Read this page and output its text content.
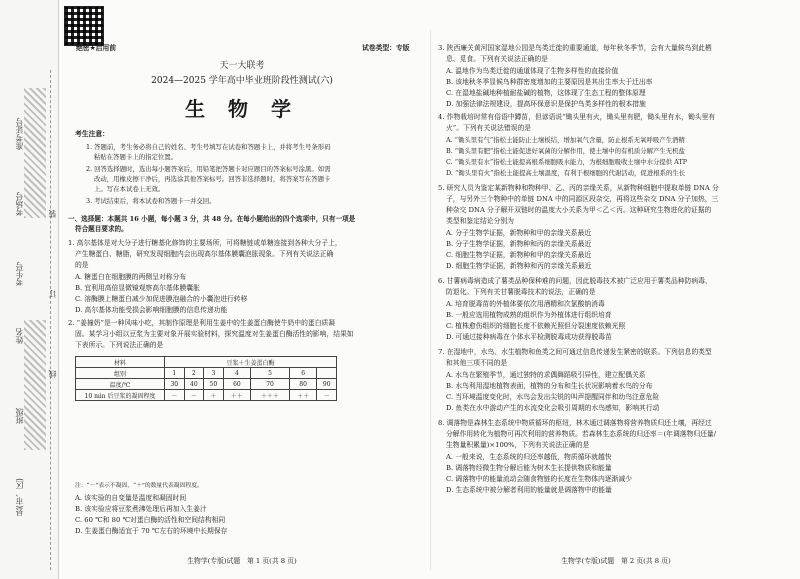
准考证号
考场号
考生号
姓名
班级
县(市、区)
装
订
线
绝密★启用前	试卷类型：专版
天一大联考
2024—2025 学年高中毕业班阶段性测试(六)
生 物 学
考生注意：
1. 答题前，考生务必将自己的姓名、考生号填写在试卷和答题卡上，并将考生号条形码
粘贴在答题卡上的指定位置。
2. 回答选择题时，选出每小题答案后，用铅笔把答题卡对应题目的答案标号涂黑。如需
改动，用橡皮擦干净后，再选涂其他答案标号。回答非选择题时，将答案写在答题卡
上。写在本试卷上无效。
3. 考试结束后，将本试卷和答题卡一并交回。
一、选择题：本题共 16 小题，每小题 3 分，共 48 分。在每小题给出的四个选项中，只有一项是
符合题目要求的。
1. 高尔基体是对大分子进行糖基化修饰的主要场所，可将糖链或单糖连接到各种大分子上，
产生糖蛋白、糖脂，研究发现细胞内会出现高尔基体膜囊泡胀现象。下列有关说法正确
的是
A. 糖蛋白在细胞膜的两侧呈对称分布
B. 宜利用高倍显微镜观察高尔基体膜囊胀
C. 溶酶膜上糖蛋白减少加促进膜泡融合的小囊泡进行转移
D. 高尔基体功能受损会影响细胞膜的信息传递功能
2. “姜撞奶”是一种风味小吃，其制作原理是利用生姜中的生姜蛋白酶使牛奶中的蛋白质凝
固。某学习小组以豆浆为主要对象开展实验材料，探究温度对生姜蛋白酶活性的影响，结果如
下表所示。下列说法正确的是
注：“－”表示不凝固，“＋”的数量代表凝固程度。
A. 该实验的自变量是温度和凝固时间
B. 该实验应将豆浆煮沸处理后再加入生姜汁
C. 60 ℃和 80 ℃对蛋白酶的活性和空间结构相同
D. 生姜蛋白酶适宜于 70 ℃左右的环境中长期保存
生物学(专版)试题　第 1 页(共 8 页)
材料	豆浆＋生姜蛋白酶						
组别	1	2	3	4	5	6	
温度/℃	30	40	50	60	70	80	90
10 min 后豆浆的凝固程度	－	－	＋	＋＋	＋＋＋	＋＋	－
3. 陕西廉关黄河国家湿地公园是鸟类迁徙的重要通道，每年秋冬季节，会有大量候鸟到此栖
息、觅食。下列有关说法正确的是
A. 温地作为鸟类迁徙的通道体现了生物多样性的直接价值
B. 该地秋冬季显候鸟种群密度增加的主要原因是其出生率大于迁出率
C. 在湿地盐碱地种植耐盐碱的植物，这体现了生态工程的整体原理
D. 加强法律法规建设，提高环保意识是保护鸟类多样性的根本措施
4. 作物栽培时常有俗语中蹲苗，但谚语说“锄头里有火，锄头里有肥，锄头里有水，锄头里有
火”。下列有关说法错误的是
A. “锄头里有气”指松土能防止土壤板结，增加氧气含量，防止根系无氧呼吸产生酒精
B. “锄头里有肥”指松土能促进好氧菌的分解作用，使土壤中的有机质分解产生无机盐
C. “锄头里有水”指松土能提高根系细胞吸水能力，为根细胞吸收土壤中水分提供 ATP
D. “锄头里有火”指松土能提高土壤温度，有利于根细胞的代谢活动，促进根系的生长
5. 研究人员为鉴定某新物种和物种甲、乙、丙的亲缘关系，从新物种细胞中提取单链 DNA 分
子，与另外三个物种中的单链 DNA 中的同源区段杂交，再将这些杂交 DNA 分子加热，三
种杂交 DNA 分子解开双链时的温度大小关系为甲＜乙＜丙。这种研究生物进化的证据的
类型和鉴定结论分别为
A. 分子生物学证据，新物种和甲的亲缘关系最近
B. 分子生物学证据，新物种和丙的亲缘关系最近
C. 细胞生物学证据，新物种和甲的亲缘关系最近
D. 细胞生物学证据，新物种和丙的亲缘关系最近
6. 甘薯病毒病造成了薯类品种保种难的问题，因此脱毒技术被广泛应用于薯类品种防病毒、
防退化。下列有关甘薯脱毒技术的说法，正确的是
A. 培育脱毒苗的外植体要依次用酒精和次氯酸钠消毒
B. 一般应选用植物成熟的组织作为外植体进行组织培育
C. 植株愈伤组织的细胞长度不依赖光照但分裂速度依赖光照
D. 可通过接种病毒在个体水平检测脱毒成功获得脱毒苗
7. 在湿地中，水鸟、水生植物和鱼类之间可通过信息传递发生紧密的联系。下列信息的类型
和其他三项不同的是
A. 水鸟在繁殖季节，通过独特的求偶舞蹈吸引异性，建立配偶关系
B. 水鸟利用湿地植物表面，植物的分布和生长状况影响着水鸟的分布
C. 当环境温度变化时，水鸟会发出尖锐的叫声提醒同伴和幼鸟注意危险
D. 鱼类在水中游动产生的水流变化会吸引周期的水鸟感知，影响其行动
8. 调落物是森林生态系统中物质循环的枢纽，林木通过调落物将营养物质归还土壤，再经过
分解作用转化为植物可再次利用的营养物质。若森林生态系统的归还率＝(年调落物归还量/
生物量积累量)×100%，下列有关说法正确的是
A. 一般来说，生态系统的归还率越低，物质循环就越快
B. 调落物经微生物分解后能为树木生长提供物质和能量
C. 调落物中的能量流动会随食物链的长度在生物体内逐渐减少
D. 生态系统中被分解者利用的能量就是调落物中的能量
生物学(专版)试题　第 2 页(共 8 页)
